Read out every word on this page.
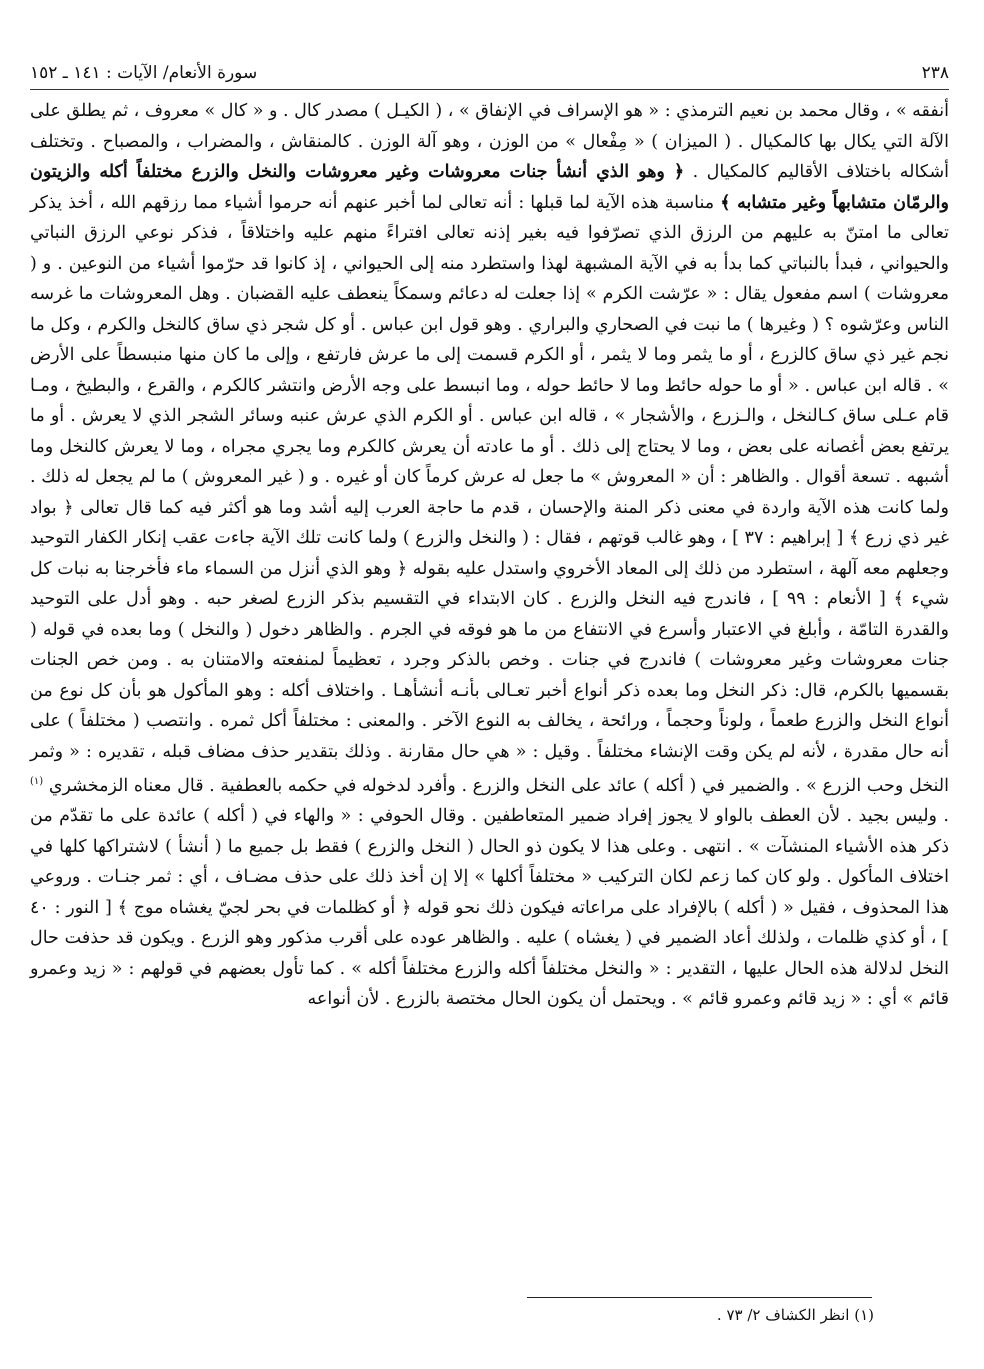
٢٣٨
سورة الأنعام/ الآيات : ١٤١ ـ ١٥٢

أنفقه » ، وقال محمد بن نعيم الترمذي : « هو الإسراف في الإنفاق » ، ( الكيـل ) مصدر كال . و « كال » معروف ، ثم يطلق على الآلة التي يكال بها كالمكيال . ( الميزان ) « مِفْعال » من الوزن ، وهو آلة الوزن . كالمنقاش ، والمضراب ، والمصباح . وتختلف أشكاله باختلاف الأقاليم كالمكيال . ﴿ وهو الذي أنشأ جنات معروشات وغير معروشات والنخل والزرع مختلفاً أكله والزيتون والرمّان متشابهاً وغير متشابه ﴾ مناسبة هذه الآية لما قبلها : أنه تعالى لما أخبر عنهم أنه حرموا أشياء مما رزقهم الله ، أخذ يذكر تعالى ما امتنّ به عليهم من الرزق الذي تصرّفوا فيه بغير إذنه تعالى افتراءً منهم عليه واختلاقاً ، فذكر نوعي الرزق النباتي والحيواني ، فبدأ بالنباتي كما بدأ به في الآية المشبهة لهذا واستطرد منه إلى الحيواني ، إذ كانوا قد حرّموا أشياء من النوعين . و ( معروشات ) اسم مفعول يقال : « عرّشت الكرم » إذا جعلت له دعائم وسمكاً ينعطف عليه القضبان . وهل المعروشات ما غرسه الناس وعرّشوه ؟ ( وغيرها ) ما نبت في الصحاري والبراري . وهو قول ابن عباس . أو كل شجر ذي ساق كالنخل والكرم ، وكل ما نجم غير ذي ساق كالزرع ، أو ما يثمر وما لا يثمر ، أو الكرم قسمت إلى ما عرش فارتفع ، وإلى ما كان منها منبسطاً على الأرض » . قاله ابن عباس . « أو ما حوله حائط وما لا حائط حوله ، وما انبسط على وجه الأرض وانتشر كالكرم ، والقرع ، والبطيخ ، ومـا قام عـلى ساق كـالنخل ، والـزرع ، والأشجار » ، قاله ابن عباس . أو الكرم الذي عرش عنبه وسائر الشجر الذي لا يعرش . أو ما يرتفع بعض أغصانه على بعض ، وما لا يحتاج إلى ذلك . أو ما عادته أن يعرش كالكرم وما يجري مجراه ، وما لا يعرش كالنخل وما أشبهه . تسعة أقوال . والظاهر : أن « المعروش » ما جعل له عرش كرماً كان أو غيره . و ( غير المعروش ) ما لم يجعل له ذلك . ولما كانت هذه الآية واردة في معنى ذكر المنة والإحسان ، قدم ما حاجة العرب إليه أشد وما هو أكثر فيه كما قال تعالى ﴿ بواد غير ذي زرع ﴾ [ إبراهيم : ٣٧ ] ، وهو غالب قوتهم ، فقال : ( والنخل والزرع ) ولما كانت تلك الآية جاءت عقب إنكار الكفار التوحيد وجعلهم معه آلهة ، استطرد من ذلك إلى المعاد الأخروي واستدل عليه بقوله ﴿ وهو الذي أنزل من السماء ماء فأخرجنا به نبات كل شيء ﴾ [ الأنعام : ٩٩ ] ، فاندرج فيه النخل والزرع . كان الابتداء في التقسيم بذكر الزرع لصغر حبه . وهو أدل على التوحيد والقدرة التامّة ، وأبلغ في الاعتبار وأسرع في الانتفاع من ما هو فوقه في الجرم . والظاهر دخول ( والنخل ) وما بعده في قوله ( جنات معروشات وغير معروشات ) فاندرج في جنات . وخص بالذكر وجرد ، تعظيماً لمنفعته والامتنان به . ومن خص الجنات بقسميها بالكرم، قال: ذكر النخل وما بعده ذكر أنواع أخبر تعـالى بأنـه أنشأهـا . واختلاف أكله : وهو المأكول هو بأن كل نوع من أنواع النخل والزرع طعماً ، ولوناً وحجماً ، ورائحة ، يخالف به النوع الآخر . والمعنى : مختلفاً أكل ثمره . وانتصب ( مختلفاً ) على أنه حال مقدرة ، لأنه لم يكن وقت الإنشاء مختلفاً . وقيل : « هي حال مقارنة . وذلك بتقدير حذف مضاف قبله ، تقديره : « وثمر النخل وحب الزرع » . والضمير في ( أكله ) عائد على النخل والزرع . وأفرد لدخوله في حكمه بالعطفية . قال معناه الزمخشري $^{(١)}$ . وليس بجيد . لأن العطف بالواو لا يجوز إفراد ضمير المتعاطفين . وقال الحوفي : « والهاء في ( أكله ) عائدة على ما تقدّم من ذكر هذه الأشياء المنشآت » . انتهى . وعلى هذا لا يكون ذو الحال ( النخل والزرع ) فقط بل جميع ما ( أنشأ ) لاشتراكها كلها في اختلاف المأكول . ولو كان كما زعم لكان التركيب « مختلفاً أكلها » إلا إن أخذ ذلك على حذف مضـاف ، أي : ثمر جنـات . وروعي هذا المحذوف ، فقيل « ( أكله ) بالإفراد على مراعاته فيكون ذلك نحو قوله ﴿ أو كظلمات في بحر لجيّ يغشاه موج ﴾ [ النور : ٤٠ ] ، أو كذي ظلمات ، ولذلك أعاد الضمير في ( يغشاه ) عليه . والظاهر عوده على أقرب مذكور وهو الزرع . ويكون قد حذفت حال النخل لدلالة هذه الحال عليها ، التقدير : « والنخل مختلفاً أكله والزرع مختلفاً أكله » . كما تأول بعضهم في قولهم : « زيد وعمرو قائم » أي : « زيد قائم وعمرو قائم » . ويحتمل أن يكون الحال مختصة بالزرع . لأن أنواعه

(١) انظر الكشاف ٢/ ٧٣ .
